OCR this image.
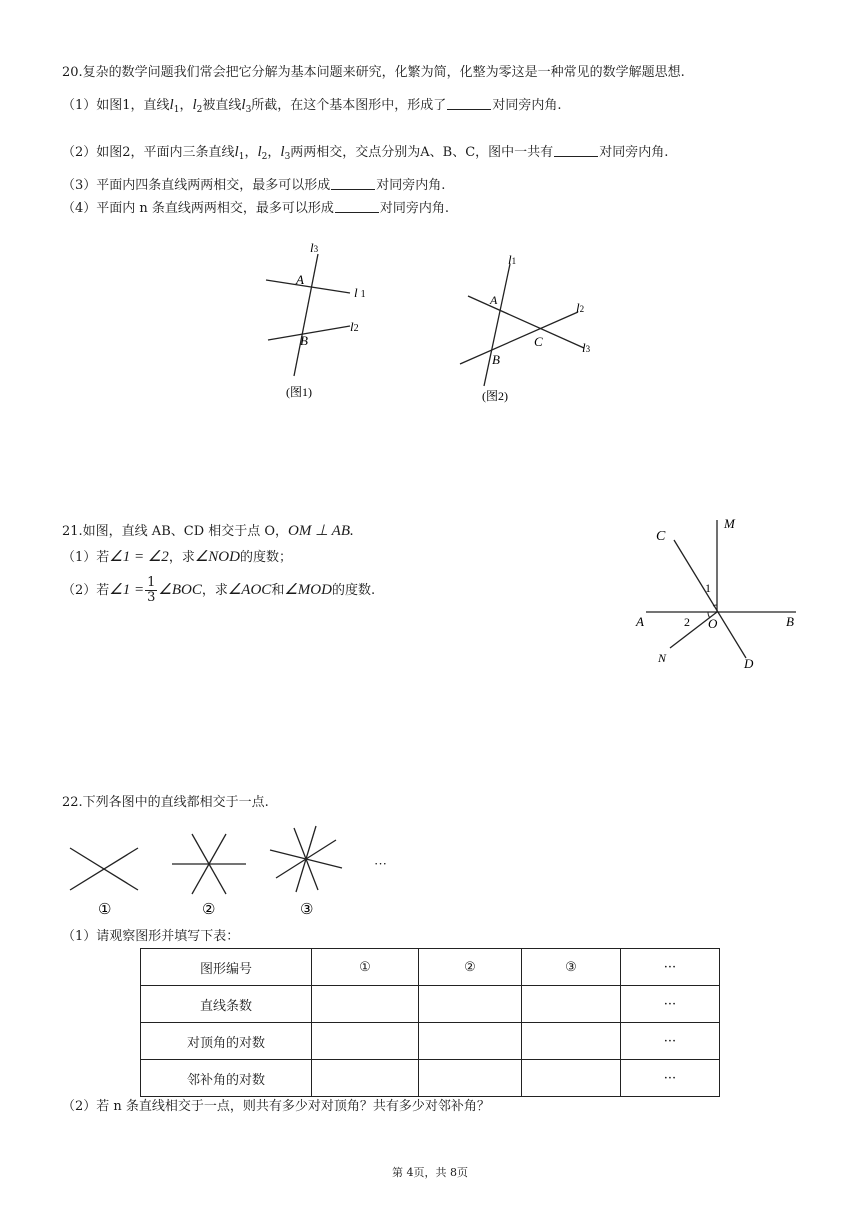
20.复杂的数学问题我们常会把它分解为基本问题来研究，化繁为简，化整为零这是一种常见的数学解题思想.
（1）如图1，直线$l_1$，$l_2$被直线$l_3$所截，在这个基本图形中，形成了	对同旁内角.
（2）如图2，平面内三条直线$l_1$，$l_2$，$l_3$两两相交，交点分别为A、B、C，图中一共有	对同旁内角.
（3）平面内四条直线两两相交，最多可以形成	对同旁内角.
（4）平面内 n 条直线两两相交，最多可以形成	对同旁内角.
l3
A
l 1
l2
B
(图1)
l1
A	l2
C	l3
B
(图2)
21.如图，直线 AB、CD 相交于点 O，OM ⊥ AB.
（1）若∠1 = ∠2，求∠NOD的度数；
（2）若∠1 = $\frac{1}{3}$ ∠BOC，求∠AOC和∠MOD的度数.
C
M
1
A	2 O	B
N	D
22.下列各图中的直线都相交于一点.
···
①	②	③
（1）请观察图形并填写下表：
图形编号	①	②	③	···
直线条数				···
对顶角的对数				···
邻补角的对数				···
（2）若 n 条直线相交于一点，则共有多少对对顶角？共有多少对邻补角？
第 4页，共 8页
